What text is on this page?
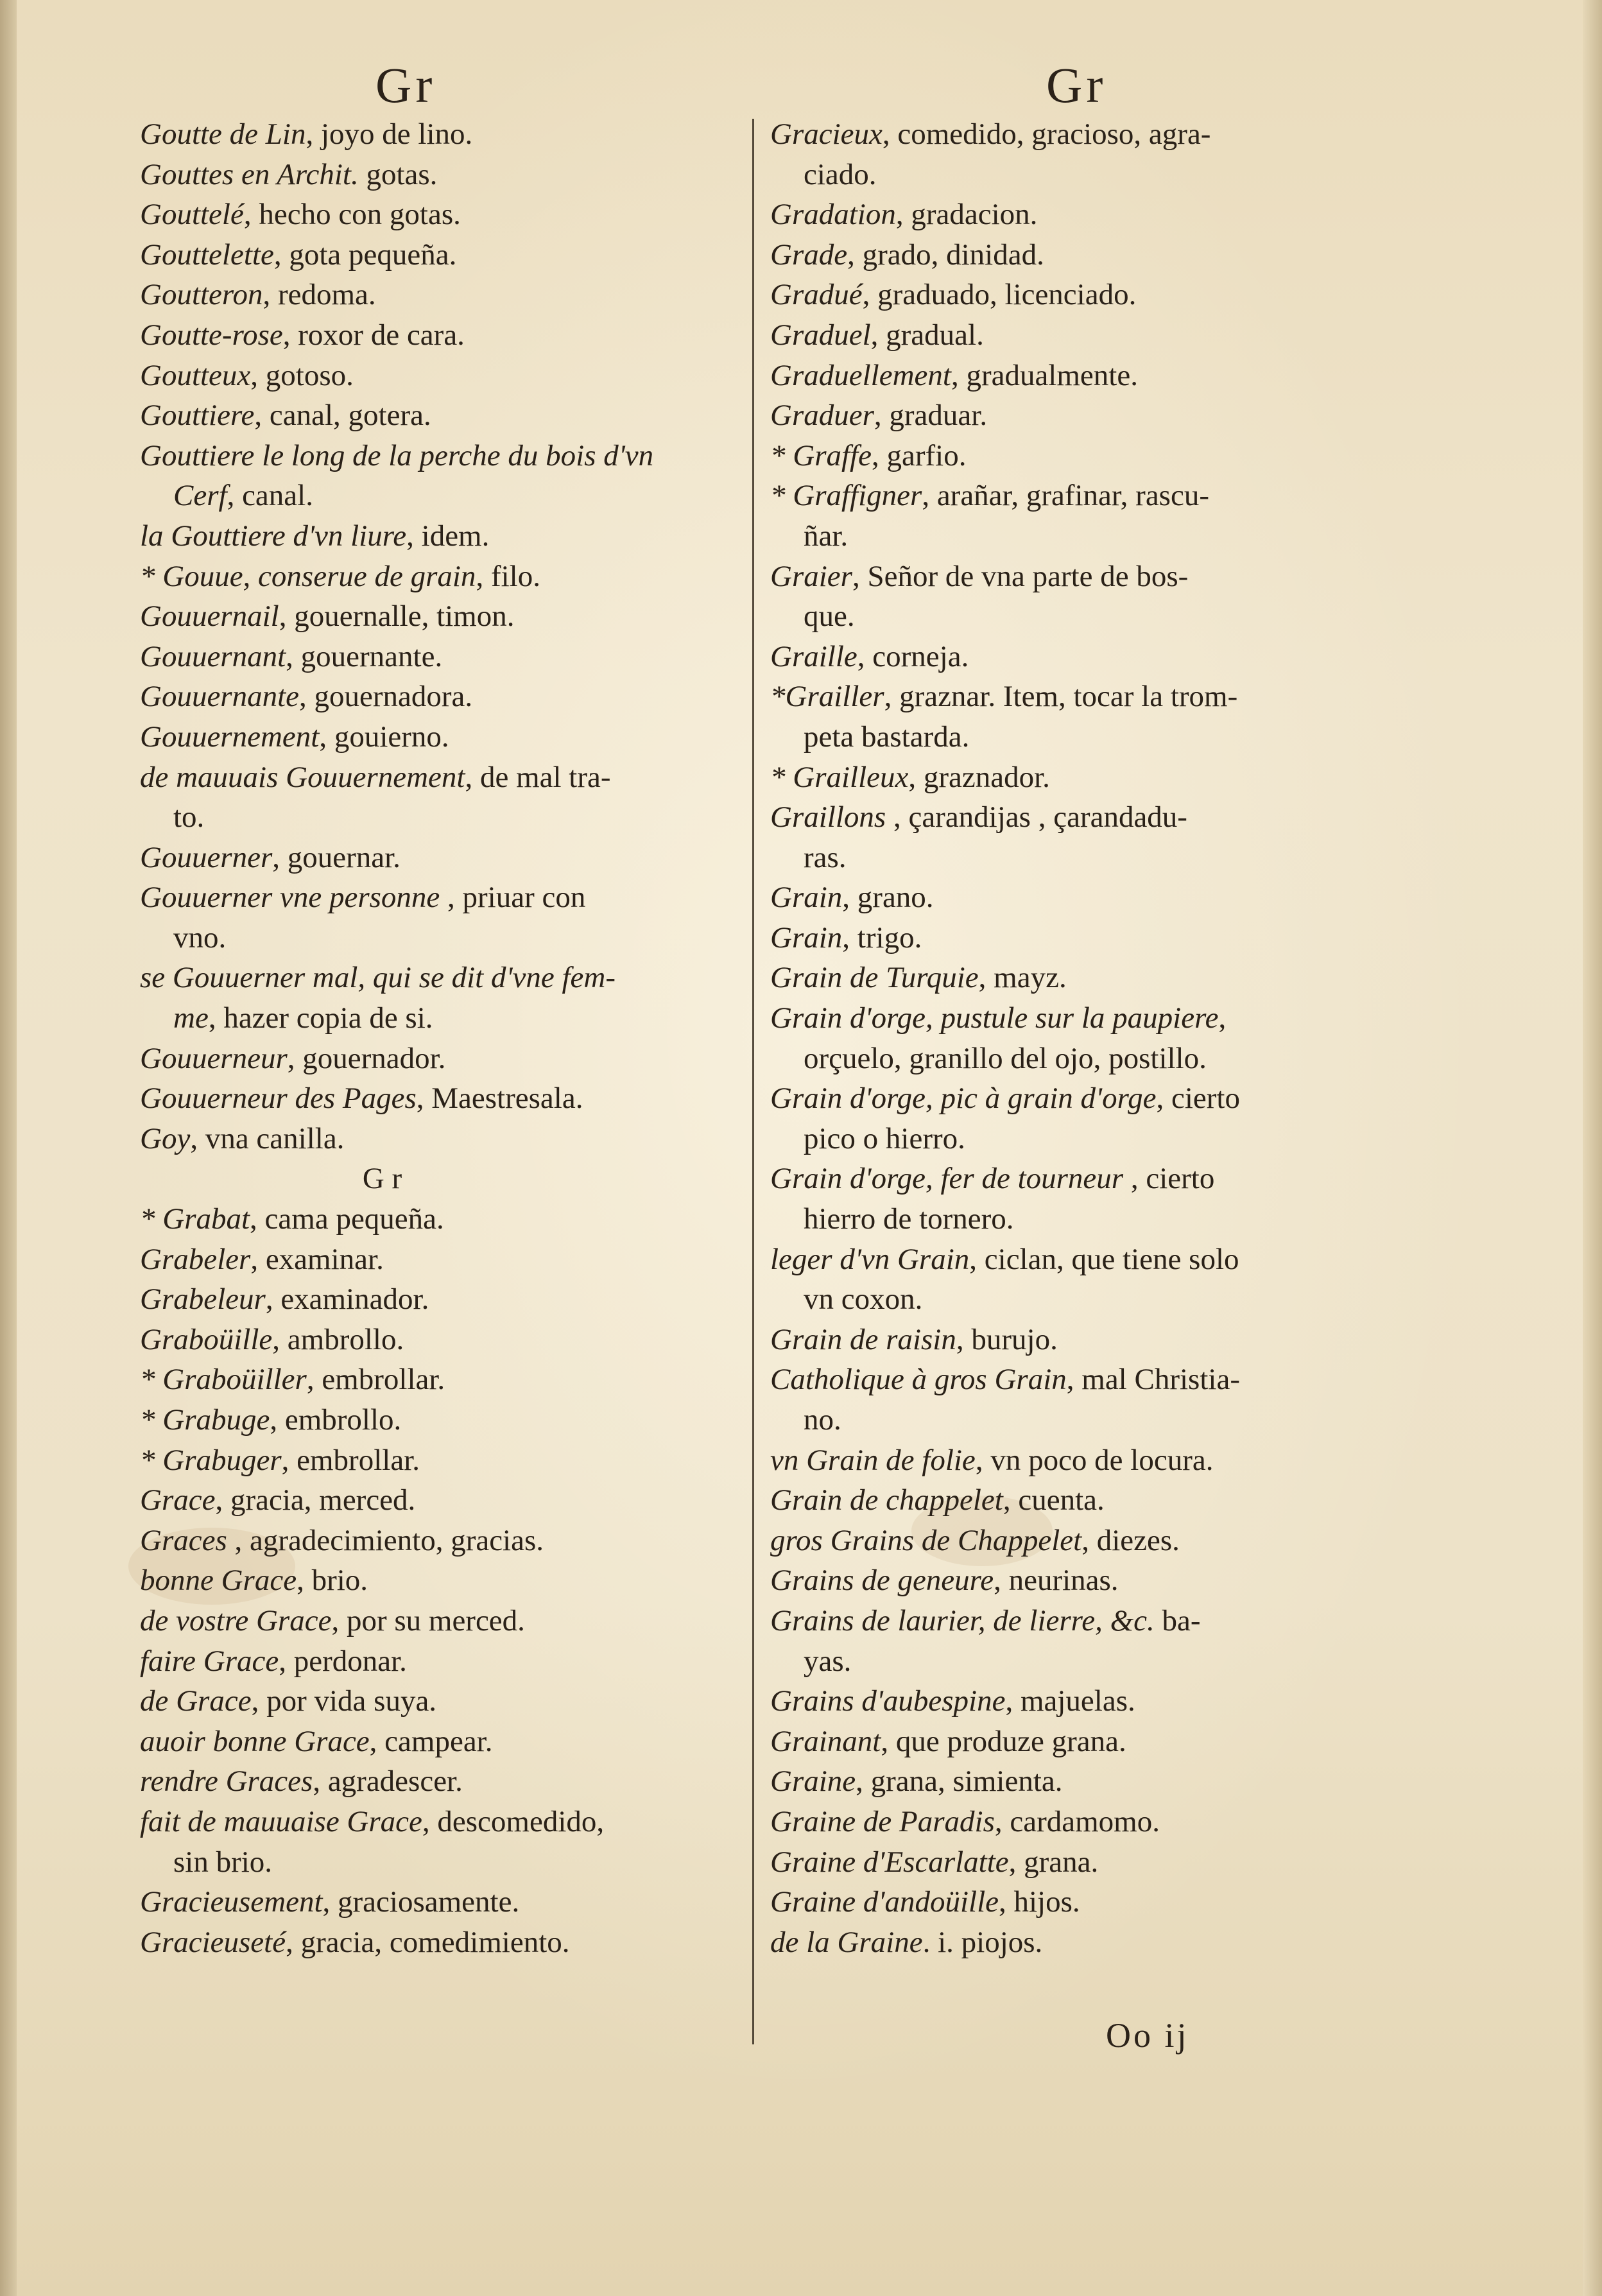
Gr	Gr
Goutte de Lin, joyo de lino.
Gouttes en Archit. gotas.
Gouttelé, hecho con gotas.
Gouttelette, gota pequeña.
Goutteron, redoma.
Goutte-rose, roxor de cara.
Goutteux, gotoso.
Gouttiere, canal, gotera.
Gouttiere le long de la perche du bois d'vn
Cerf, canal.
la Gouttiere d'vn liure, idem.
* Gouue, conserue de grain, filo.
Gouuernail, gouernalle, timon.
Gouuernant, gouernante.
Gouuernante, gouernadora.
Gouuernement, gouierno.
de mauuais Gouuernement, de mal tra-
to.
Gouuerner, gouernar.
Gouuerner vne personne , priuar con
vno.
se Gouuerner mal, qui se dit d'vne fem-
me, hazer copia de si.
Gouuerneur, gouernador.
Gouuerneur des Pages, Maestresala.
Goy, vna canilla.
G r
* Grabat, cama pequeña.
Grabeler, examinar.
Grabeleur, examinador.
Graboüille, ambrollo.
* Graboüiller, embrollar.
* Grabuge, embrollo.
* Grabuger, embrollar.
Grace, gracia, merced.
Graces , agradecimiento, gracias.
bonne Grace, brio.
de vostre Grace, por su merced.
faire Grace, perdonar.
de Grace, por vida suya.
auoir bonne Grace, campear.
rendre Graces, agradescer.
fait de mauuaise Grace, descomedido,
sin brio.
Gracieusement, graciosamente.
Gracieuseté, gracia, comedimiento.
Gracieux, comedido, gracioso, agra-
ciado.
Gradation, gradacion.
Grade, grado, dinidad.
Gradué, graduado, licenciado.
Graduel, gradual.
Graduellement, gradualmente.
Graduer, graduar.
* Graffe, garfio.
* Graffigner, arañar, grafinar, rascu-
ñar.
Graier, Señor de vna parte de bos-
que.
Graille, corneja.
*Grailler, graznar. Item, tocar la trom-
peta bastarda.
* Grailleux, graznador.
Graillons , çarandijas , çarandadu-
ras.
Grain, grano.
Grain, trigo.
Grain de Turquie, mayz.
Grain d'orge, pustule sur la paupiere,
orçuelo, granillo del ojo, postillo.
Grain d'orge, pic à grain d'orge, cierto
pico o hierro.
Grain d'orge, fer de tourneur , cierto
hierro de tornero.
leger d'vn Grain, ciclan, que tiene solo
vn coxon.
Grain de raisin, burujo.
Catholique à gros Grain, mal Christia-
no.
vn Grain de folie, vn poco de locura.
Grain de chappelet, cuenta.
gros Grains de Chappelet, diezes.
Grains de geneure, neurinas.
Grains de laurier, de lierre, &c. ba-
yas.
Grains d'aubespine, majuelas.
Grainant, que produze grana.
Graine, grana, simienta.
Graine de Paradis, cardamomo.
Graine d'Escarlatte, grana.
Graine d'andoüille, hijos.
de la Graine. i. piojos.
Oo ij
